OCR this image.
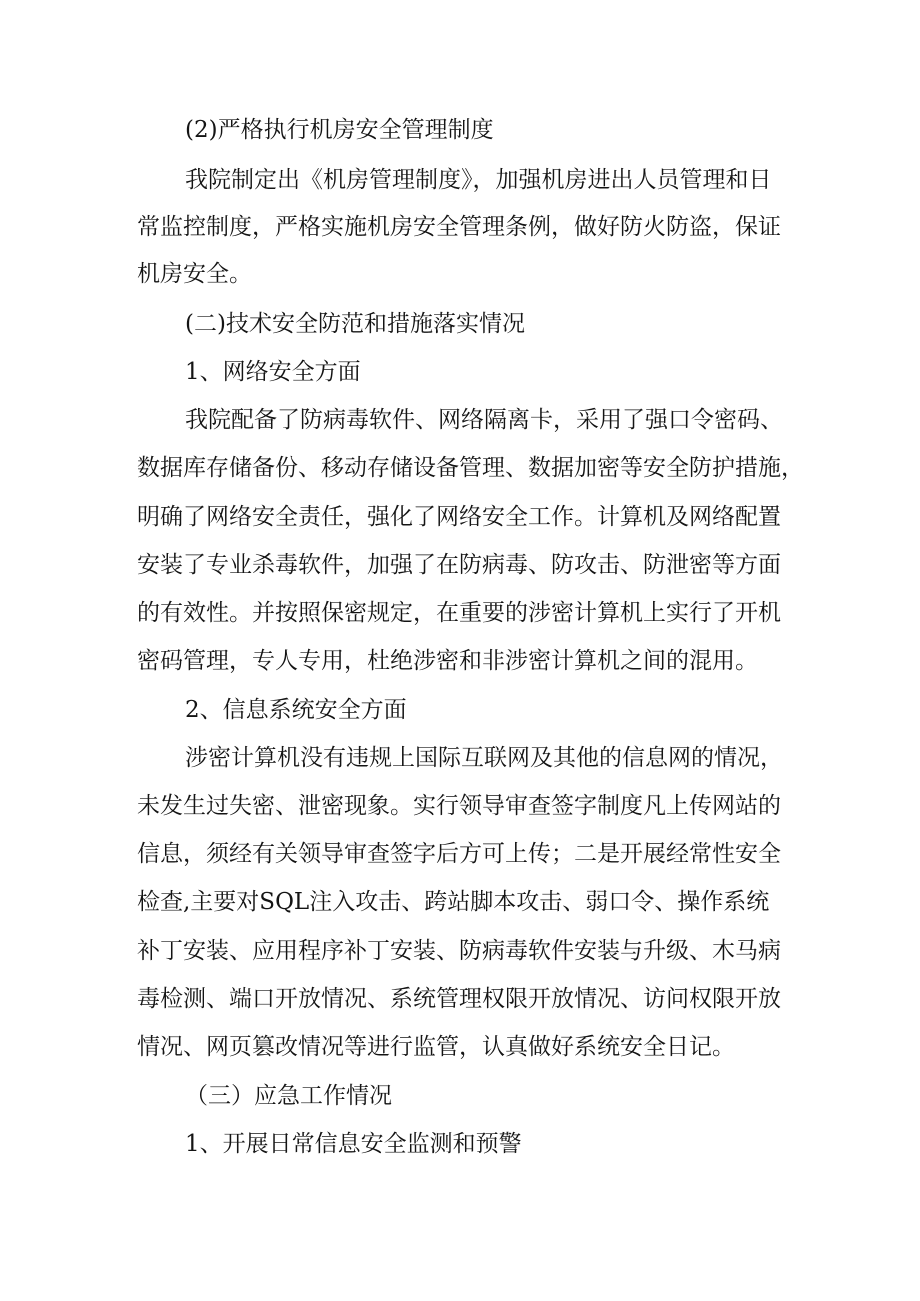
(2)严格执行机房安全管理制度

我院制定出《机房管理制度》，加强机房进出人员管理和日

常监控制度，严格实施机房安全管理条例，做好防火防盗，保证

机房安全。

(二)技术安全防范和措施落实情况

1、网络安全方面

我院配备了防病毒软件、网络隔离卡，采用了强口令密码、

数据库存储备份、移动存储设备管理、数据加密等安全防护措施，

明确了网络安全责任，强化了网络安全工作。计算机及网络配置

安装了专业杀毒软件，加强了在防病毒、防攻击、防泄密等方面

的有效性。并按照保密规定，在重要的涉密计算机上实行了开机

密码管理，专人专用，杜绝涉密和非涉密计算机之间的混用。

2、信息系统安全方面

涉密计算机没有违规上国际互联网及其他的信息网的情况，

未发生过失密、泄密现象。实行领导审查签字制度凡上传网站的

信息，须经有关领导审查签字后方可上传；二是开展经常性安全

检查,主要对SQL注入攻击、跨站脚本攻击、弱口令、操作系统

补丁安装、应用程序补丁安装、防病毒软件安装与升级、木马病

毒检测、端口开放情况、系统管理权限开放情况、访问权限开放

情况、网页篡改情况等进行监管，认真做好系统安全日记。

（三）应急工作情况

1、开展日常信息安全监测和预警
